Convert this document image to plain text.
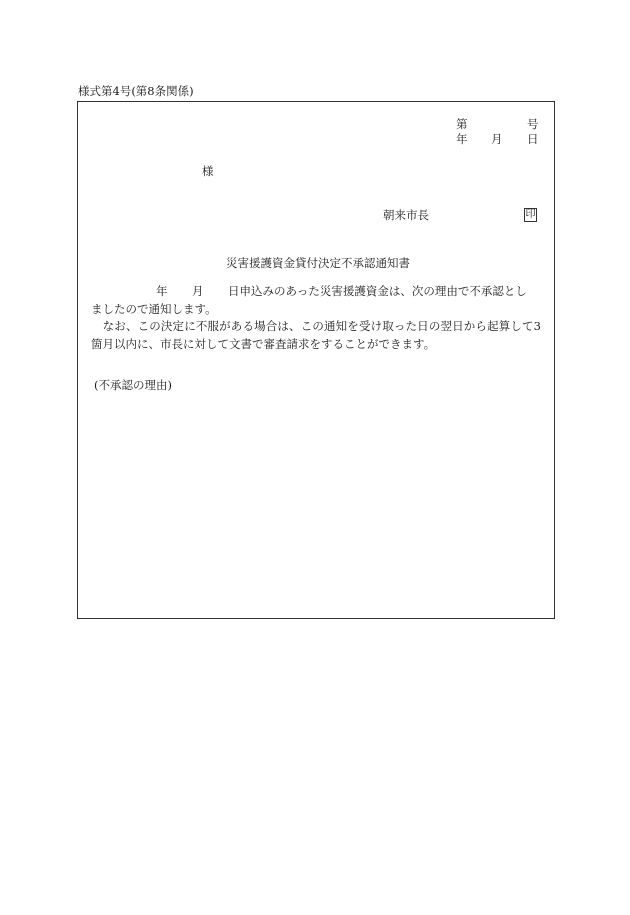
様式第4号(第8条関係)
第	号
年 月 日
様
朝来市長	印
災害援護資金貸付決定不承認通知書
年 月 日申込みのあった災害援護資金は、次の理由で不承認とし
ましたので通知します。

　なお、この決定に不服がある場合は、この通知を受け取った日の翌日から起算して3箇月以内に、市長に対して文書で審査請求をすることができます。

(不承認の理由)
